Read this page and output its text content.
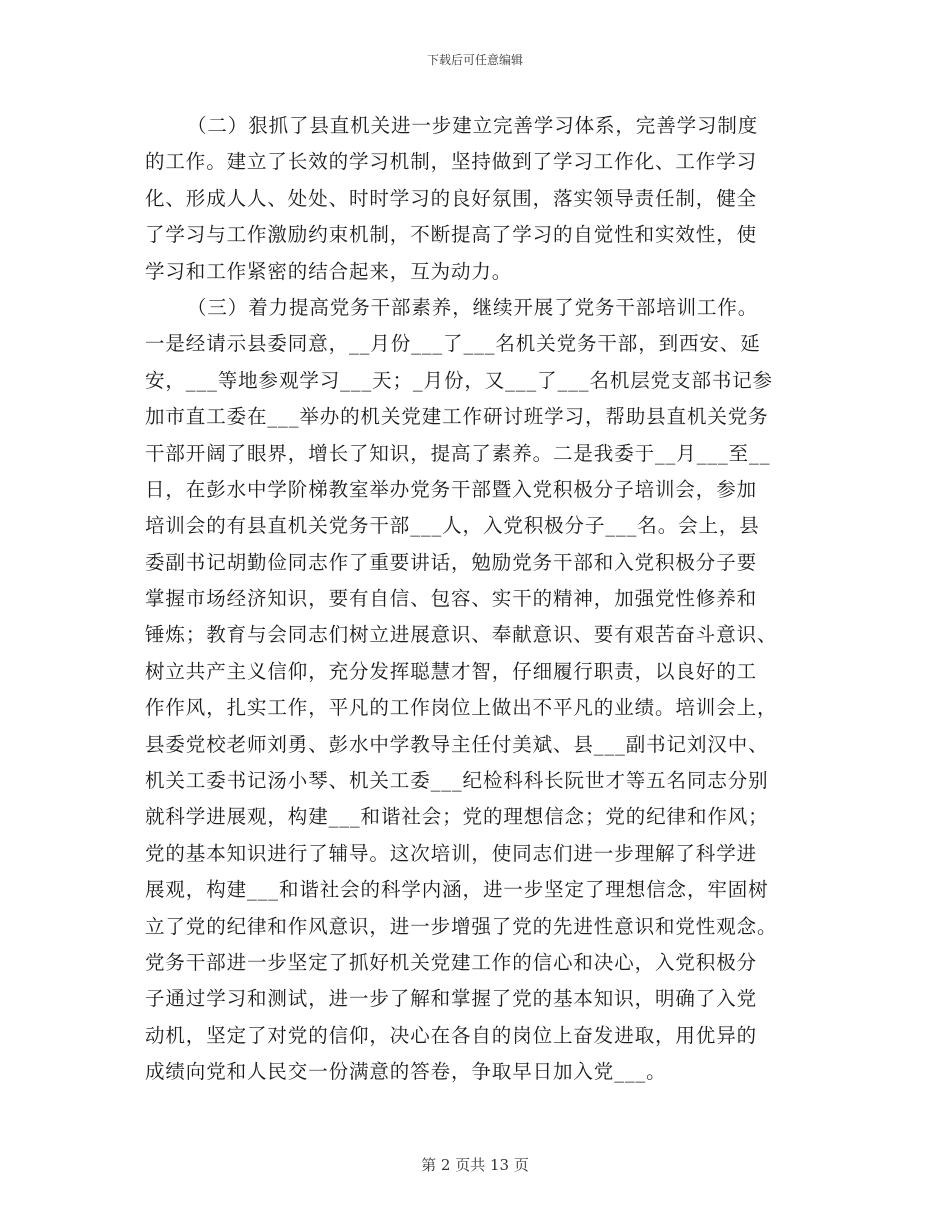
下载后可任意编辑
（二）狠抓了县直机关进一步建立完善学习体系，完善学习制度
的工作。建立了长效的学习机制，坚持做到了学习工作化、工作学习
化、形成人人、处处、时时学习的良好氛围，落实领导责任制，健全
了学习与工作激励约束机制，不断提高了学习的自觉性和实效性，使
学习和工作紧密的结合起来，互为动力。
（三）着力提高党务干部素养，继续开展了党务干部培训工作。
一是经请示县委同意，__月份___了___名机关党务干部，到西安、延
安，___等地参观学习___天；_月份，又___了___名机层党支部书记参
加市直工委在___举办的机关党建工作研讨班学习，帮助县直机关党务
干部开阔了眼界，增长了知识，提高了素养。二是我委于__月___至__
日，在彭水中学阶梯教室举办党务干部暨入党积极分子培训会，参加
培训会的有县直机关党务干部___人，入党积极分子___名。会上，县
委副书记胡勤俭同志作了重要讲话，勉励党务干部和入党积极分子要
掌握市场经济知识，要有自信、包容、实干的精神，加强党性修养和
锤炼；教育与会同志们树立进展意识、奉献意识、要有艰苦奋斗意识、
树立共产主义信仰，充分发挥聪慧才智，仔细履行职责，以良好的工
作作风，扎实工作，平凡的工作岗位上做出不平凡的业绩。培训会上，
县委党校老师刘勇、彭水中学教导主任付美斌、县___副书记刘汉中、
机关工委书记汤小琴、机关工委___纪检科科长阮世才等五名同志分别
就科学进展观，构建___和谐社会；党的理想信念；党的纪律和作风；
党的基本知识进行了辅导。这次培训，使同志们进一步理解了科学进
展观，构建___和谐社会的科学内涵，进一步坚定了理想信念，牢固树
立了党的纪律和作风意识，进一步增强了党的先进性意识和党性观念。
党务干部进一步坚定了抓好机关党建工作的信心和决心，入党积极分
子通过学习和测试，进一步了解和掌握了党的基本知识，明确了入党
动机，坚定了对党的信仰，决心在各自的岗位上奋发进取，用优异的
成绩向党和人民交一份满意的答卷，争取早日加入党___。
第 2 页共 13 页
